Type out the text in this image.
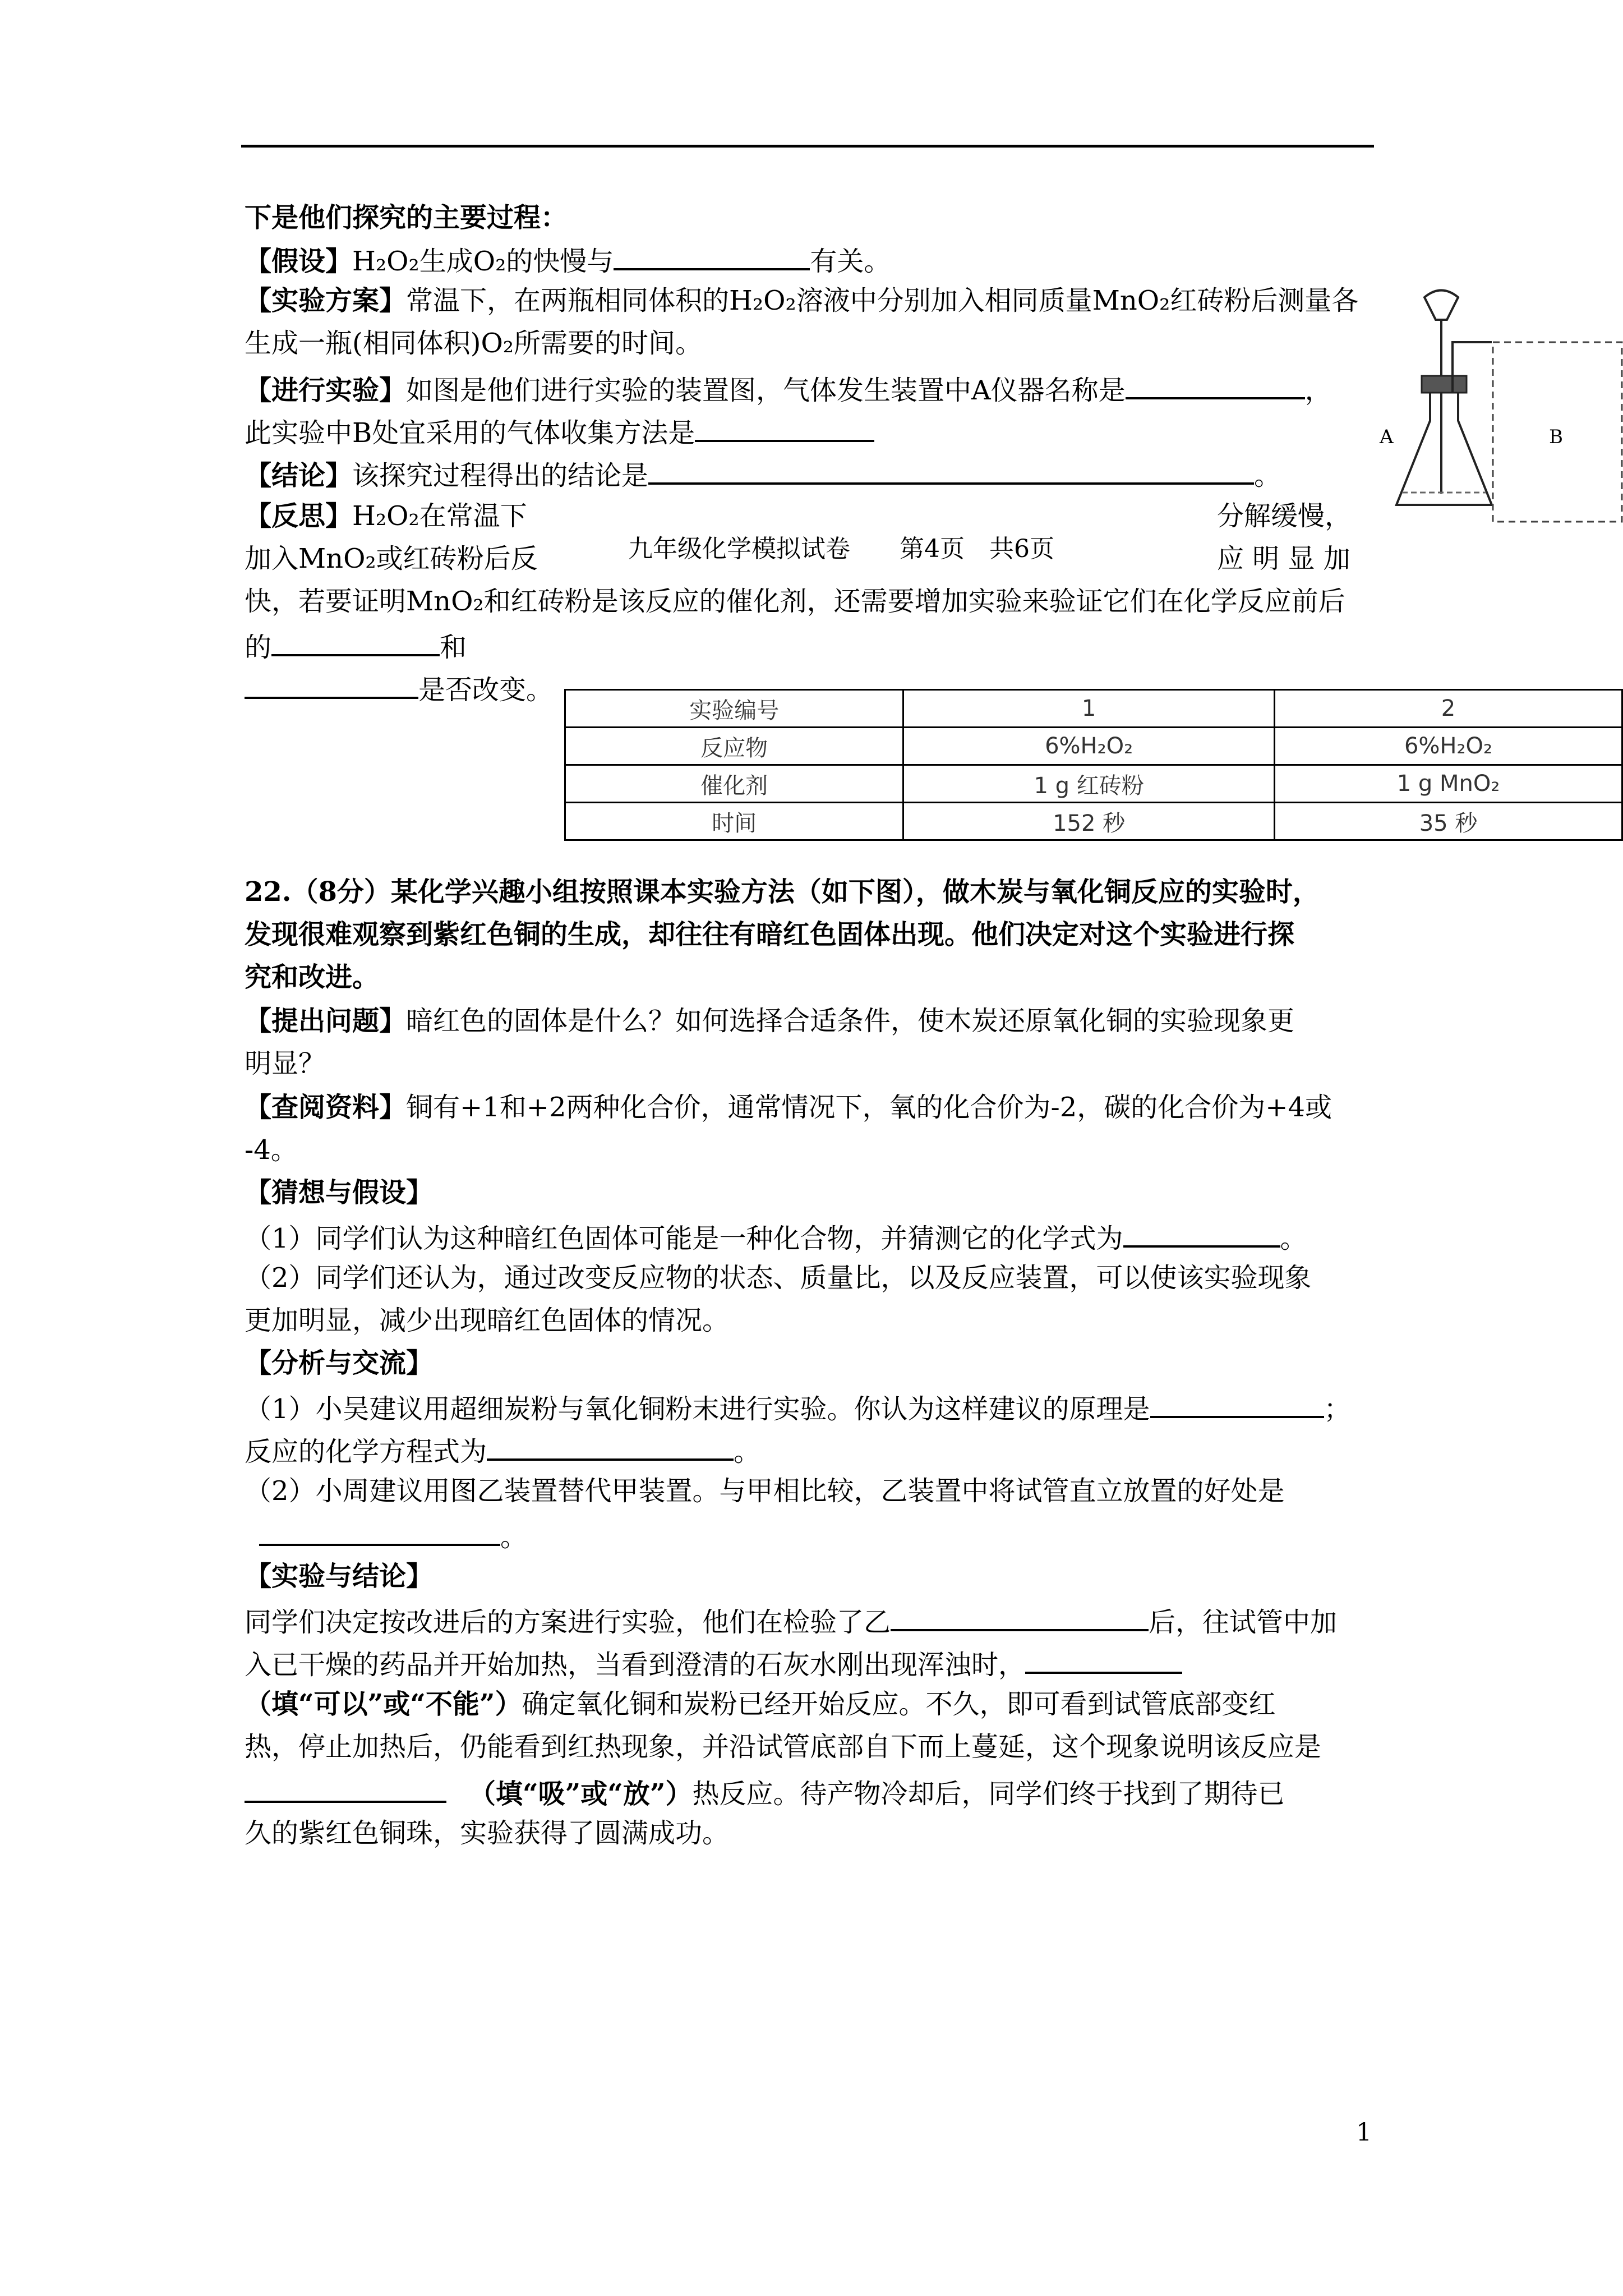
下是他们探究的主要过程：
【假设】H₂O₂生成O₂的快慢与	有关。
【实验方案】常温下，在两瓶相同体积的H₂O₂溶液中分别加入相同质量MnO₂红砖粉后测量各
生成一瓶(相同体积)O₂所需要的时间。
【进行实验】如图是他们进行实验的装置图，气体发生装置中A仪器名称是	，
此实验中B处宜采用的气体收集方法是
【结论】该探究过程得出的结论是	。
【反思】H₂O₂在常温下	分解缓慢，
九年级化学模拟试卷　　第4页　共6页
加入MnO₂或红砖粉后反	应 明 显 加
快，若要证明MnO₂和红砖粉是该反应的催化剂，还需要增加实验来验证它们在化学反应前后
的	和
是否改变。
A	B
实验编号	1	2
反应物	6%H₂O₂	6%H₂O₂
催化剂	1 g 红砖粉	1 g MnO₂
时间	152 秒	35 秒
22.（8分）某化学兴趣小组按照课本实验方法（如下图），做木炭与氧化铜反应的实验时，
发现很难观察到紫红色铜的生成，却往往有暗红色固体出现。他们决定对这个实验进行探
究和改进。
【提出问题】暗红色的固体是什么？如何选择合适条件，使木炭还原氧化铜的实验现象更
明显？
【查阅资料】铜有+1和+2两种化合价，通常情况下，氧的化合价为-2，碳的化合价为+4或
-4。
【猜想与假设】
（1）同学们认为这种暗红色固体可能是一种化合物，并猜测它的化学式为	。
（2）同学们还认为，通过改变反应物的状态、质量比，以及反应装置，可以使该实验现象
更加明显，减少出现暗红色固体的情况。
【分析与交流】
（1）小吴建议用超细炭粉与氧化铜粉末进行实验。你认为这样建议的原理是	；
反应的化学方程式为	。
（2）小周建议用图乙装置替代甲装置。与甲相比较，乙装置中将试管直立放置的好处是
。
【实验与结论】
同学们决定按改进后的方案进行实验，他们在检验了乙	后，往试管中加
入已干燥的药品并开始加热，当看到澄清的石灰水刚出现浑浊时，
（填“可以”或“不能”）确定氧化铜和炭粉已经开始反应。不久，即可看到试管底部变红
热，停止加热后，仍能看到红热现象，并沿试管底部自下而上蔓延，这个现象说明该反应是
（填“吸”或“放”）热反应。待产物冷却后，同学们终于找到了期待已
久的紫红色铜珠，实验获得了圆满成功。
1
